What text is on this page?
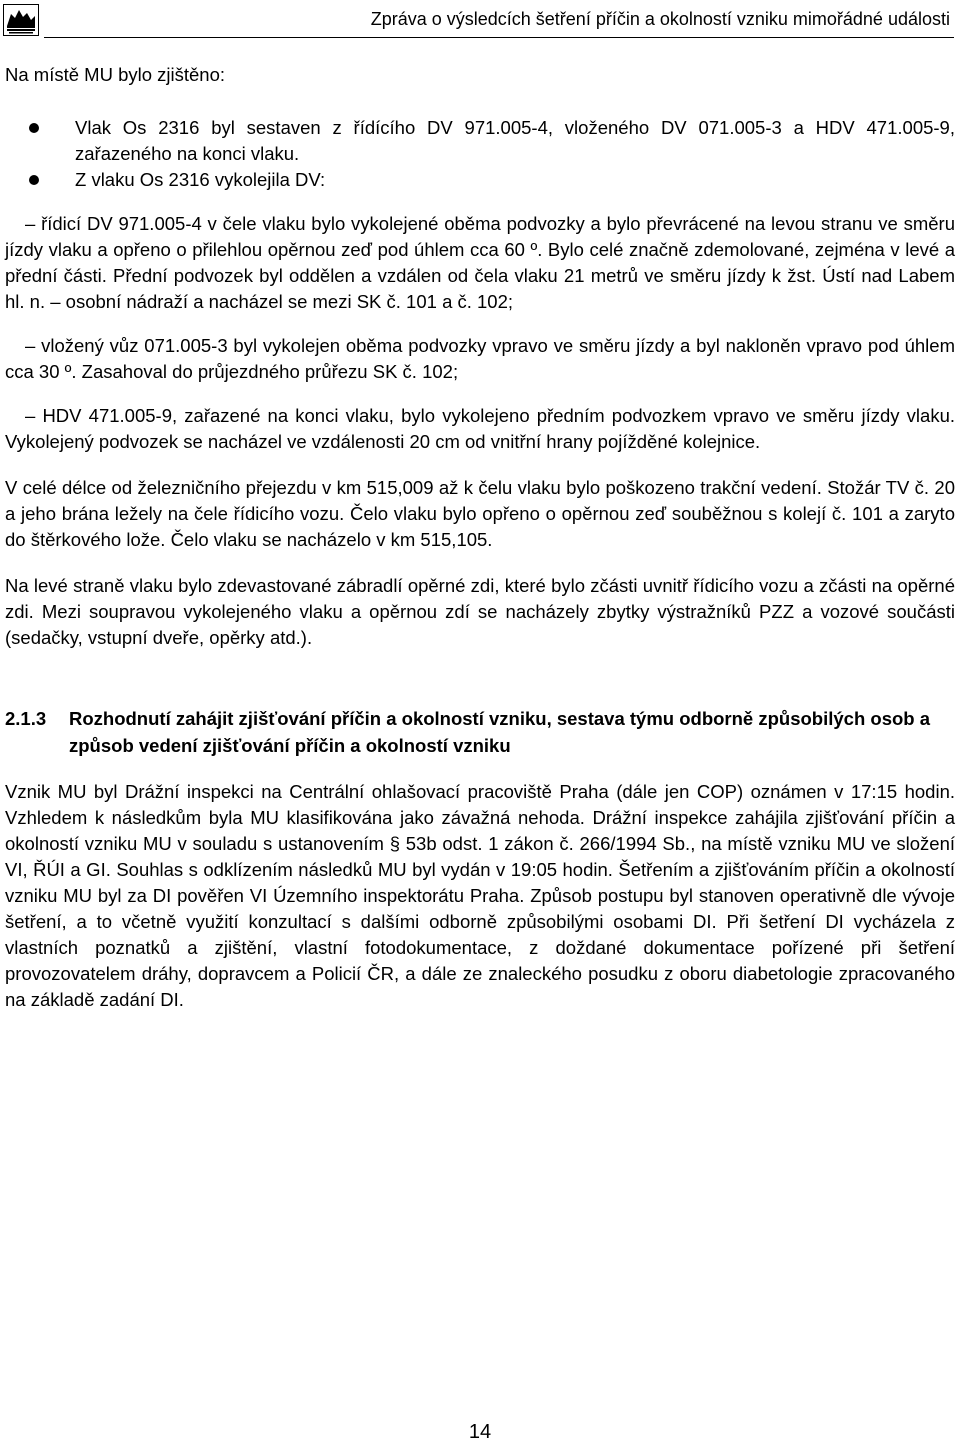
Zpráva o výsledcích šetření příčin a okolností vzniku mimořádné události

Na místě MU bylo zjištěno:

Vlak Os 2316 byl sestaven z řídícího DV 971.005-4, vloženého DV 071.005-3 a HDV 471.005-9, zařazeného na konci vlaku.

Z vlaku Os 2316 vykolejila DV:

– řídicí DV 971.005-4 v čele vlaku bylo vykolejené oběma podvozky a bylo převrácené na levou stranu ve směru jízdy vlaku a opřeno o přilehlou opěrnou zeď pod úhlem cca 60 º. Bylo celé značně zdemolované, zejména v levé a přední části. Přední podvozek byl oddělen a vzdálen od čela vlaku 21 metrů ve směru jízdy k žst. Ústí nad Labem hl. n. – osobní nádraží a nacházel se mezi SK č. 101 a č. 102;

– vložený vůz 071.005-3 byl vykolejen oběma podvozky vpravo ve směru jízdy a byl nakloněn vpravo pod úhlem cca 30 º. Zasahoval do průjezdného průřezu SK č. 102;

– HDV 471.005-9, zařazené na konci vlaku, bylo vykolejeno předním podvozkem vpravo ve směru jízdy vlaku. Vykolejený podvozek se nacházel ve vzdálenosti 20 cm od vnitřní hrany pojížděné kolejnice.

V celé délce od železničního přejezdu v km 515,009 až k čelu vlaku bylo poškozeno trakční vedení. Stožár TV č. 20 a jeho brána ležely na čele řídicího vozu. Čelo vlaku bylo opřeno o opěrnou zeď souběžnou s kolejí č. 101 a zaryto do štěrkového lože. Čelo vlaku se nacházelo v km 515,105.

Na levé straně vlaku bylo zdevastované zábradlí opěrné zdi, které bylo zčásti uvnitř řídicího vozu a zčásti na opěrné zdi. Mezi soupravou vykolejeného vlaku a opěrnou zdí se nacházely zbytky výstražníků PZZ a vozové součásti (sedačky, vstupní dveře, opěrky atd.).

2.1.3	Rozhodnutí zahájit zjišťování příčin a okolností vzniku, sestava týmu odborně způsobilých osob a způsob vedení zjišťování příčin a okolností vzniku

Vznik MU byl Drážní inspekci na Centrální ohlašovací pracoviště Praha (dále jen COP) oznámen v 17:15 hodin. Vzhledem k následkům byla MU klasifikována jako závažná nehoda. Drážní inspekce zahájila zjišťování příčin a okolností vzniku MU v souladu s ustanovením § 53b odst. 1 zákon č. 266/1994 Sb., na místě vzniku MU ve složení VI, ŘÚI a GI. Souhlas s odklízením následků MU byl vydán v 19:05 hodin. Šetřením a zjišťováním příčin a okolností vzniku MU byl za DI pověřen VI Územního inspektorátu Praha. Způsob postupu byl stanoven operativně dle vývoje šetření, a to včetně využití konzultací s dalšími odborně způsobilými osobami DI. Při šetření DI vycházela z vlastních poznatků a zjištění, vlastní fotodokumentace, z doždané dokumentace pořízené při šetření provozovatelem dráhy, dopravcem a Policií ČR, a dále ze znaleckého posudku z oboru diabetologie zpracovaného na základě zadání DI.

14
